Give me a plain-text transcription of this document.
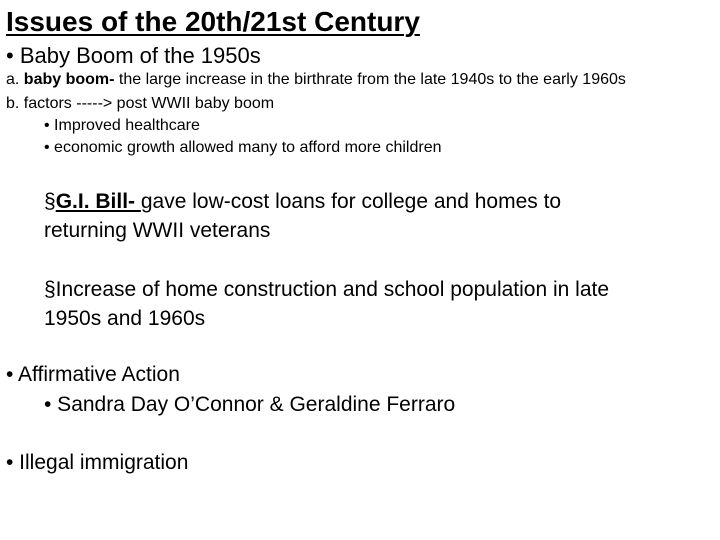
Issues of the 20th/21st Century
• Baby Boom of the 1950s
a. baby boom- the large increase in the birthrate from the late 1940s to the early 1960s
b. factors -----> post WWII baby boom
• Improved healthcare
• economic growth allowed many to afford more children
§G.I. Bill- gave low-cost loans for college and homes to
returning WWII veterans
§Increase of home construction and school population in late
1950s and 1960s
• Affirmative Action
• Sandra Day O’Connor & Geraldine Ferraro
• Illegal immigration
